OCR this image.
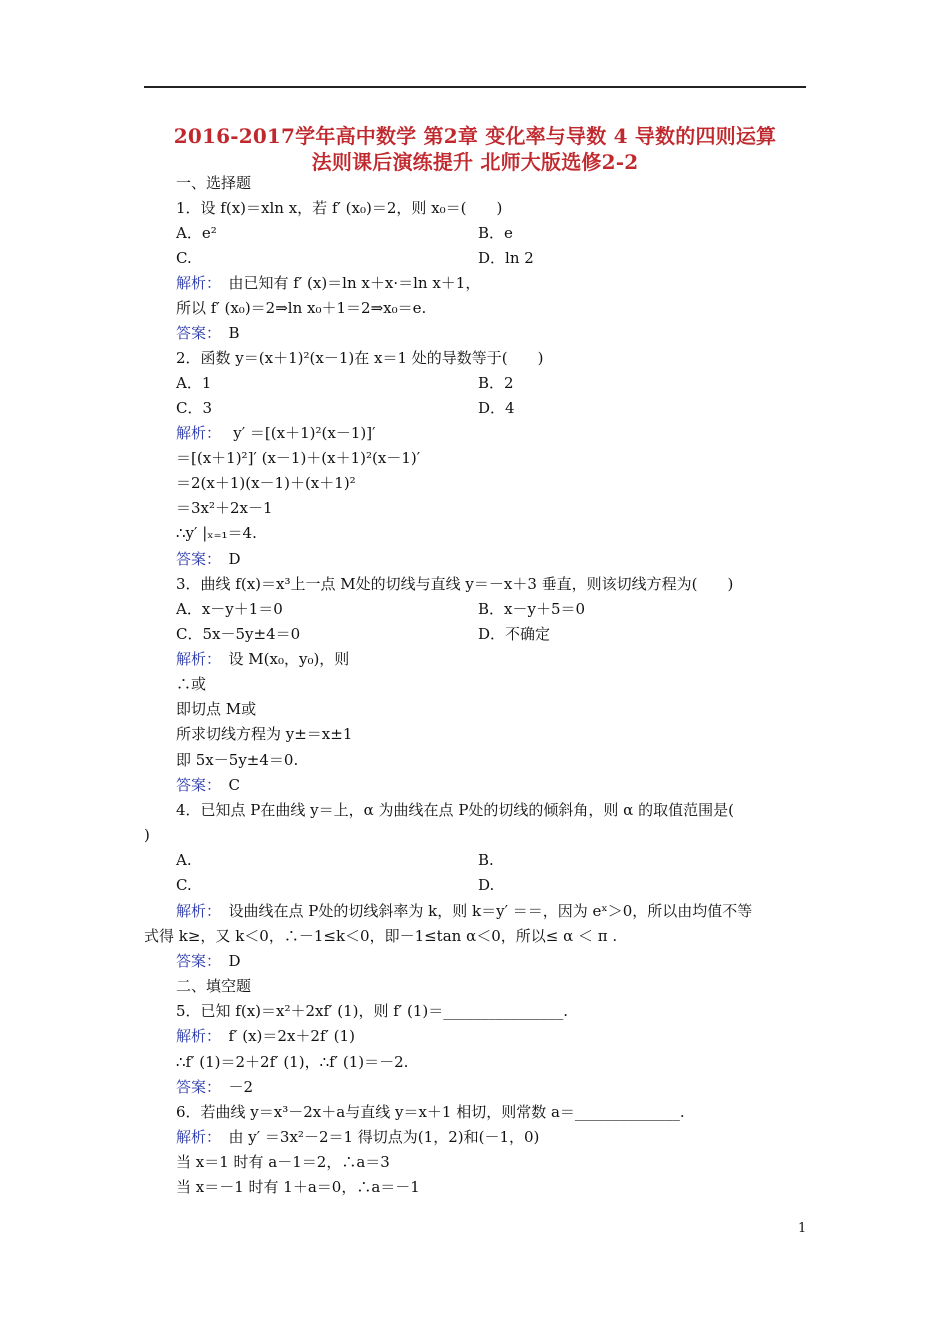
2016-2017学年高中数学 第2章 变化率与导数 4 导数的四则运算
法则课后演练提升 北师大版选修2-2
一、选择题
1．设 f(x)＝xln x，若 f′ (x₀)＝2，则 x₀＝(　　)
A．e²	B．e
C.	D．ln 2
解析：　由已知有 f′ (x)＝ln x＋x·＝ln x＋1，
所以 f′ (x₀)＝2⇒ln x₀＋1＝2⇒x₀＝e.
答案：　B
2．函数 y＝(x＋1)²(x－1)在 x＝1 处的导数等于(　　)
A．1	B．2
C．3	D．4
解析：　 y′ ＝[(x＋1)²(x－1)]′
＝[(x＋1)²]′ (x－1)＋(x＋1)²(x－1)′
＝2(x＋1)(x－1)＋(x＋1)²
＝3x²＋2x－1
∴y′ |ₓ₌₁＝4.
答案：　D
3．曲线 f(x)＝x³上一点 M处的切线与直线 y＝－x＋3 垂直，则该切线方程为(　　)
A．x－y＋1＝0	B．x－y＋5＝0
C．5x－5y±4＝0	D．不确定
解析：　设 M(x₀，y₀)，则
∴或
即切点 M或
所求切线方程为 y±＝x±1
即 5x－5y±4＝0.
答案：　C
4．已知点 P在曲线 y＝上，α 为曲线在点 P处的切线的倾斜角，则 α 的取值范围是(
)
A.	B.
C.	D.
解析：　设曲线在点 P处的切线斜率为 k，则 k＝y′ ＝＝，因为 eˣ＞0，所以由均值不等
式得 k≥，又 k＜0，∴－1≤k＜0，即－1≤tan α＜0，所以≤ α ＜ π .
答案：　D
二、填空题
5．已知 f(x)＝x²＋2xf′ (1)，则 f′ (1)＝________________.
解析：　f′ (x)＝2x＋2f′ (1)
∴f′ (1)＝2＋2f′ (1)，∴f′ (1)＝－2.
答案：　－2
6．若曲线 y＝x³－2x＋a与直线 y＝x＋1 相切，则常数 a＝______________.
解析：　由 y′ ＝3x²－2＝1 得切点为(1，2)和(－1，0)
当 x＝1 时有 a－1＝2，∴a＝3
当 x＝－1 时有 1＋a＝0，∴a＝－1
1
